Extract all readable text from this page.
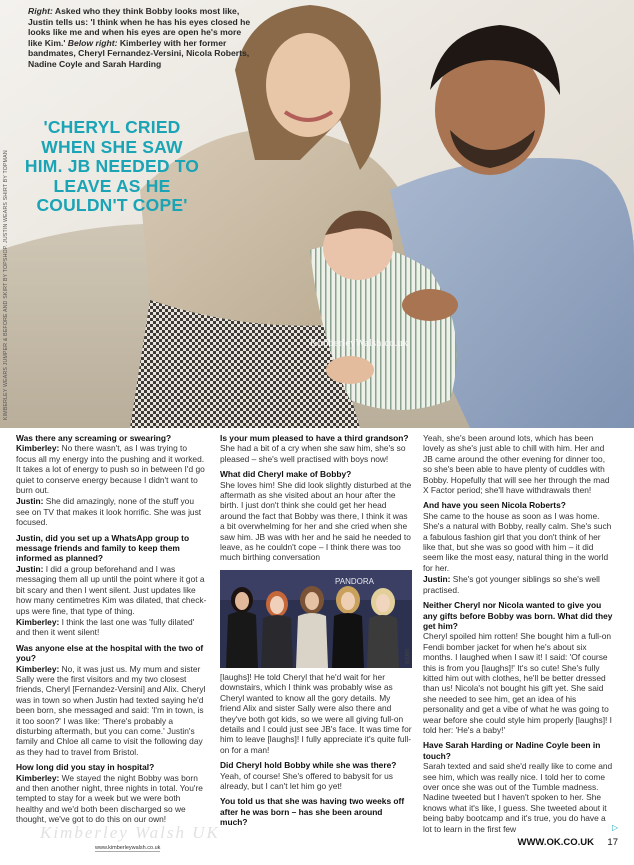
Right: Asked who they think Bobby looks most like, Justin tells us: 'I think when he has his eyes closed he looks like me and when his eyes are open he's more like Kim.' Below right: Kimberley with her former bandmates, Cheryl Fernandez-Versini, Nicola Roberts, Nadine Coyle and Sarah Harding
'CHERYL CRIED WHEN SHE SAW HIM. JB NEEDED TO LEAVE AS HE COULDN'T COPE'
KIMBERLEY WEARS JUMPER & BEFORE AND SKIRT BY TOPSHOP. JUSTIN WEARS SHIRT BY TOPMAN	KimberleyWalsh.co.uk
Was there any screaming or swearing?
Kimberley: No there wasn't, as I was trying to focus all my energy into the pushing and it worked. It takes a lot of energy to push so in between I'd go quiet to conserve energy because I didn't want to burn out.
Justin: She did amazingly, none of the stuff you see on TV that makes it look horrific. She was just focused.
Justin, did you set up a WhatsApp group to message friends and family to keep them informed as planned?
Justin: I did a group beforehand and I was messaging them all up until the point where it got a bit scary and then I went silent. Just updates like how many centimetres Kim was dilated, that check-ups were fine, that type of thing.
Kimberley: I think the last one was 'fully dilated' and then it went silent!
Was anyone else at the hospital with the two of you?
Kimberley: No, it was just us. My mum and sister Sally were the first visitors and my two closest friends, Cheryl [Fernandez-Versini] and Alix. Cheryl was in town so when Justin had texted saying he'd been born, she messaged and said: 'I'm in town, is it too soon?' I was like: 'There's probably a disturbing aftermath, but you can come.' Justin's family and Chloe all came to visit the following day as they had to travel from Bristol.
How long did you stay in hospital?
Kimberley: We stayed the night Bobby was born and then another night, three nights in total. You're tempted to stay for a week but we were both healthy and we'd both been discharged so we thought, we've got to do this on our own!
Is your mum pleased to have a third grandson?
She had a bit of a cry when she saw him, she's so pleased – she's well practised with boys now!
What did Cheryl make of Bobby?
She loves him! She did look slightly disturbed at the aftermath as she visited about an hour after the birth. I just don't think she could get her head around the fact that Bobby was there, I think it was a bit overwhelming for her and she cried when she saw him. JB was with her and he said he needed to leave, as he couldn't cope – I think there was too much birthing conversation
PANDORA
WENN
[laughs]! He told Cheryl that he'd wait for her downstairs, which I think was probably wise as Cheryl wanted to know all the gory details. My friend Alix and sister Sally were also there and they've both got kids, so we were all giving full-on details and I could just see JB's face. It was time for him to leave [laughs]! I fully appreciate it's quite full-on for a man!
Did Cheryl hold Bobby while she was there?
Yeah, of course! She's offered to babysit for us already, but I can't let him go yet!
You told us that she was having two weeks off after he was born – has she been around much?
Yeah, she's been around lots, which has been lovely as she's just able to chill with him. Her and JB came around the other evening for dinner too, so she's been able to have plenty of cuddles with Bobby. Hopefully that will see her through the mad X Factor period; she'll have withdrawals then!
And have you seen Nicola Roberts?
She came to the house as soon as I was home. She's a natural with Bobby, really calm. She's such a fabulous fashion girl that you don't think of her like that, but she was so good with him – it did seem like the most easy, natural thing in the world for her.
Justin: She's got younger siblings so she's well practised.
Neither Cheryl nor Nicola wanted to give you any gifts before Bobby was born. What did they get him?
Cheryl spoiled him rotten! She bought him a full-on Fendi bomber jacket for when he's about six months. I laughed when I saw it! I said: 'Of course this is from you [laughs]!' It's so cute! She's fully kitted him out with clothes, he'll be better dressed than us! Nicola's not bought his gift yet. She said she needed to see him, get an idea of his personality and get a vibe of what he was going to wear before she could style him properly [laughs]! I told her: 'He's a baby!'
Have Sarah Harding or Nadine Coyle been in touch?
Sarah texted and said she'd really like to come and see him, which was really nice. I told her to come over once she was out of the Tumble madness. Nadine tweeted but I haven't spoken to her. She knows what it's like, I guess. She tweeted about it being baby bootcamp and it's true, you do have a lot to learn in the first few
Kimberley Walsh UK
www.kimberleywalsh.co.uk
▷
WWW.OK.CO.UK 17
